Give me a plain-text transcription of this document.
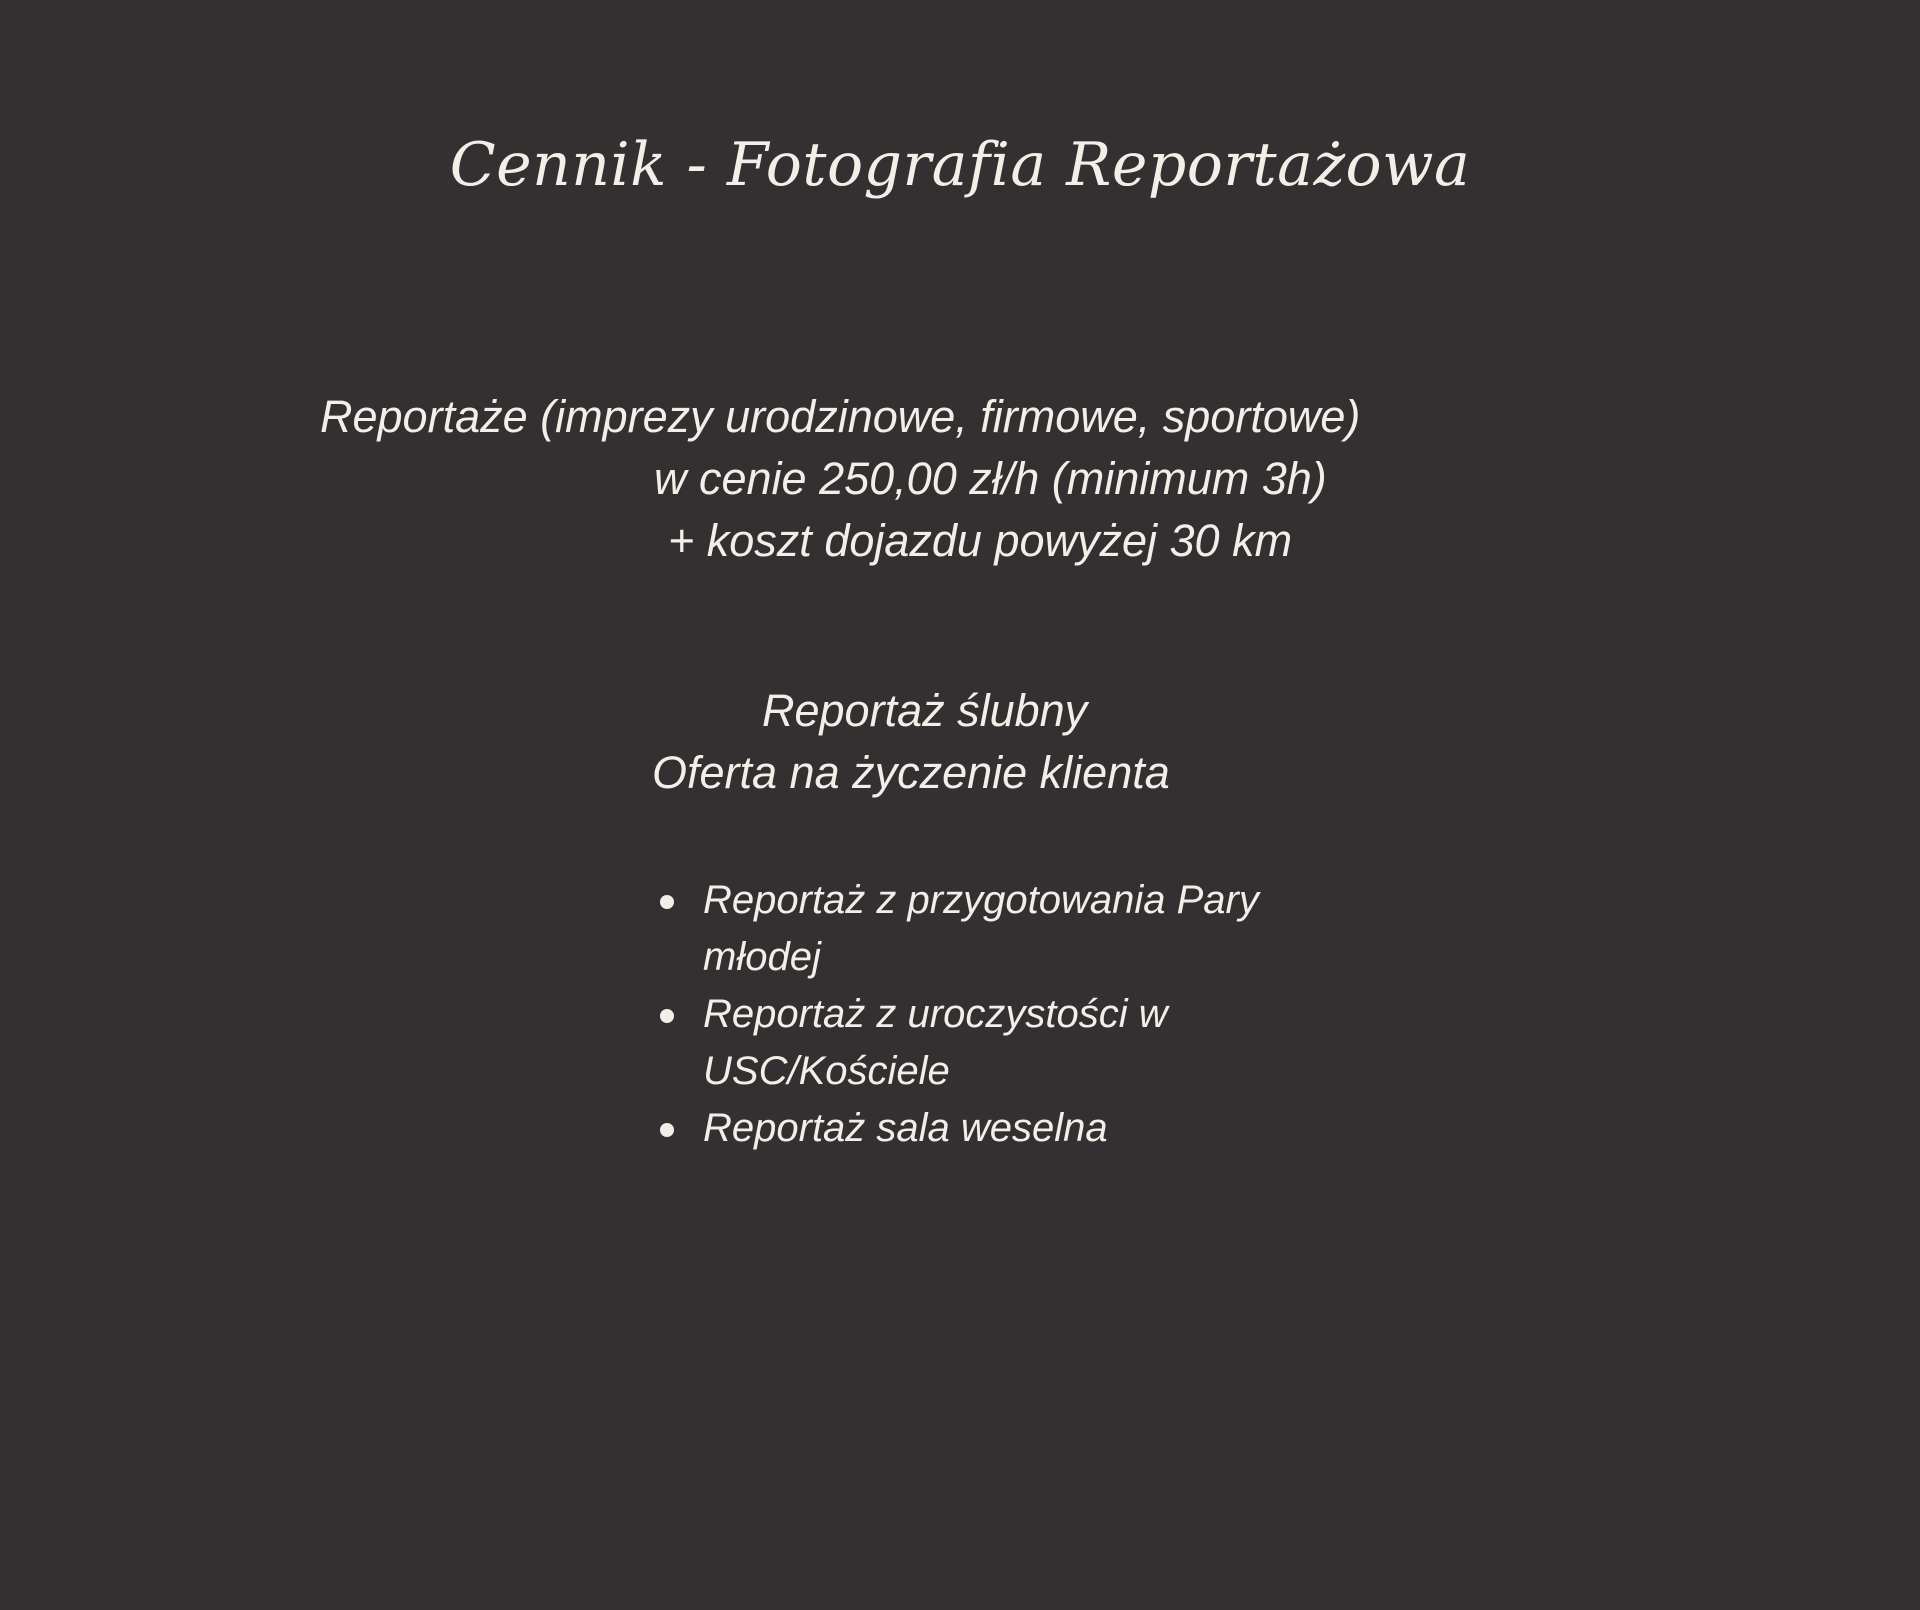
Cennik - Fotografia Reportażowa

Reportaże (imprezy urodzinowe, firmowe, sportowe)

w cenie 250,00 zł/h (minimum 3h)

+ koszt dojazdu powyżej 30 km

Reportaż ślubny

Oferta na życzenie klienta

Reportaż z przygotowania Pary młodej
Reportaż z uroczystości w USC/Kościele
Reportaż sala weselna
